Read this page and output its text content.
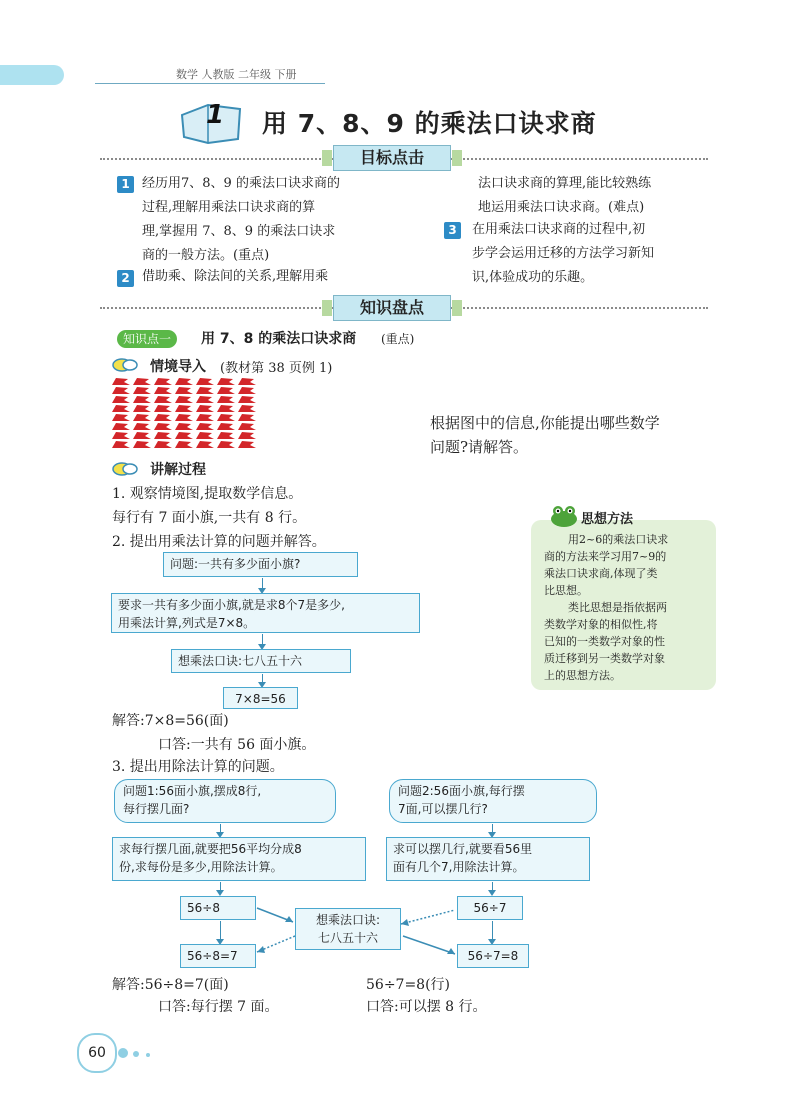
数学 人教版 二年级 下册
1 用 7、8、9 的乘法口诀求商
目标点击
1 经历用7、8、9 的乘法口诀求商的
过程,理解用乘法口诀求商的算
理,掌握用 7、8、9 的乘法口诀求
商的一般方法。(重点)
2 借助乘、除法间的关系,理解用乘
法口诀求商的算理,能比较熟练
地运用乘法口诀求商。(难点)
3	在用乘法口诀求商的过程中,初
步学会运用迁移的方法学习新知
识,体验成功的乐趣。
知识盘点
知识点一	用 7、8 的乘法口诀求商 (重点)
情境导入 (教材第 38 页例 1)
根据图中的信息,你能提出哪些数学
问题?请解答。
讲解过程
1. 观察情境图,提取数学信息。
每行有 7 面小旗,一共有 8 行。
2. 提出用乘法计算的问题并解答。
问题:一共有多少面小旗?
要求一共有多少面小旗,就是求8个7是多少,
用乘法计算,列式是7×8。
想乘法口诀:七八五十六
7×8=56
解答:7×8=56(面)
口答:一共有 56 面小旗。
3. 提出用除法计算的问题。
问题1:56面小旗,摆成8行,
每行摆几面?
问题2:56面小旗,每行摆
7面,可以摆几行?
求每行摆几面,就要把56平均分成8
份,求每份是多少,用除法计算。
求可以摆几行,就要看56里
面有几个7,用除法计算。
56÷8	56÷7
想乘法口诀:
七八五十六
56÷8=7	56÷7=8
解答:56÷8=7(面)
口答:每行摆 7 面。
56÷7=8(行)
口答:可以摆 8 行。
思想方法
用2~6的乘法口诀求
商的方法来学习用7~9的
乘法口诀求商,体现了类
比思想。
类比思想是指依据两
类数学对象的相似性,将
已知的一类数学对象的性
质迁移到另一类数学对象
上的思想方法。
60
